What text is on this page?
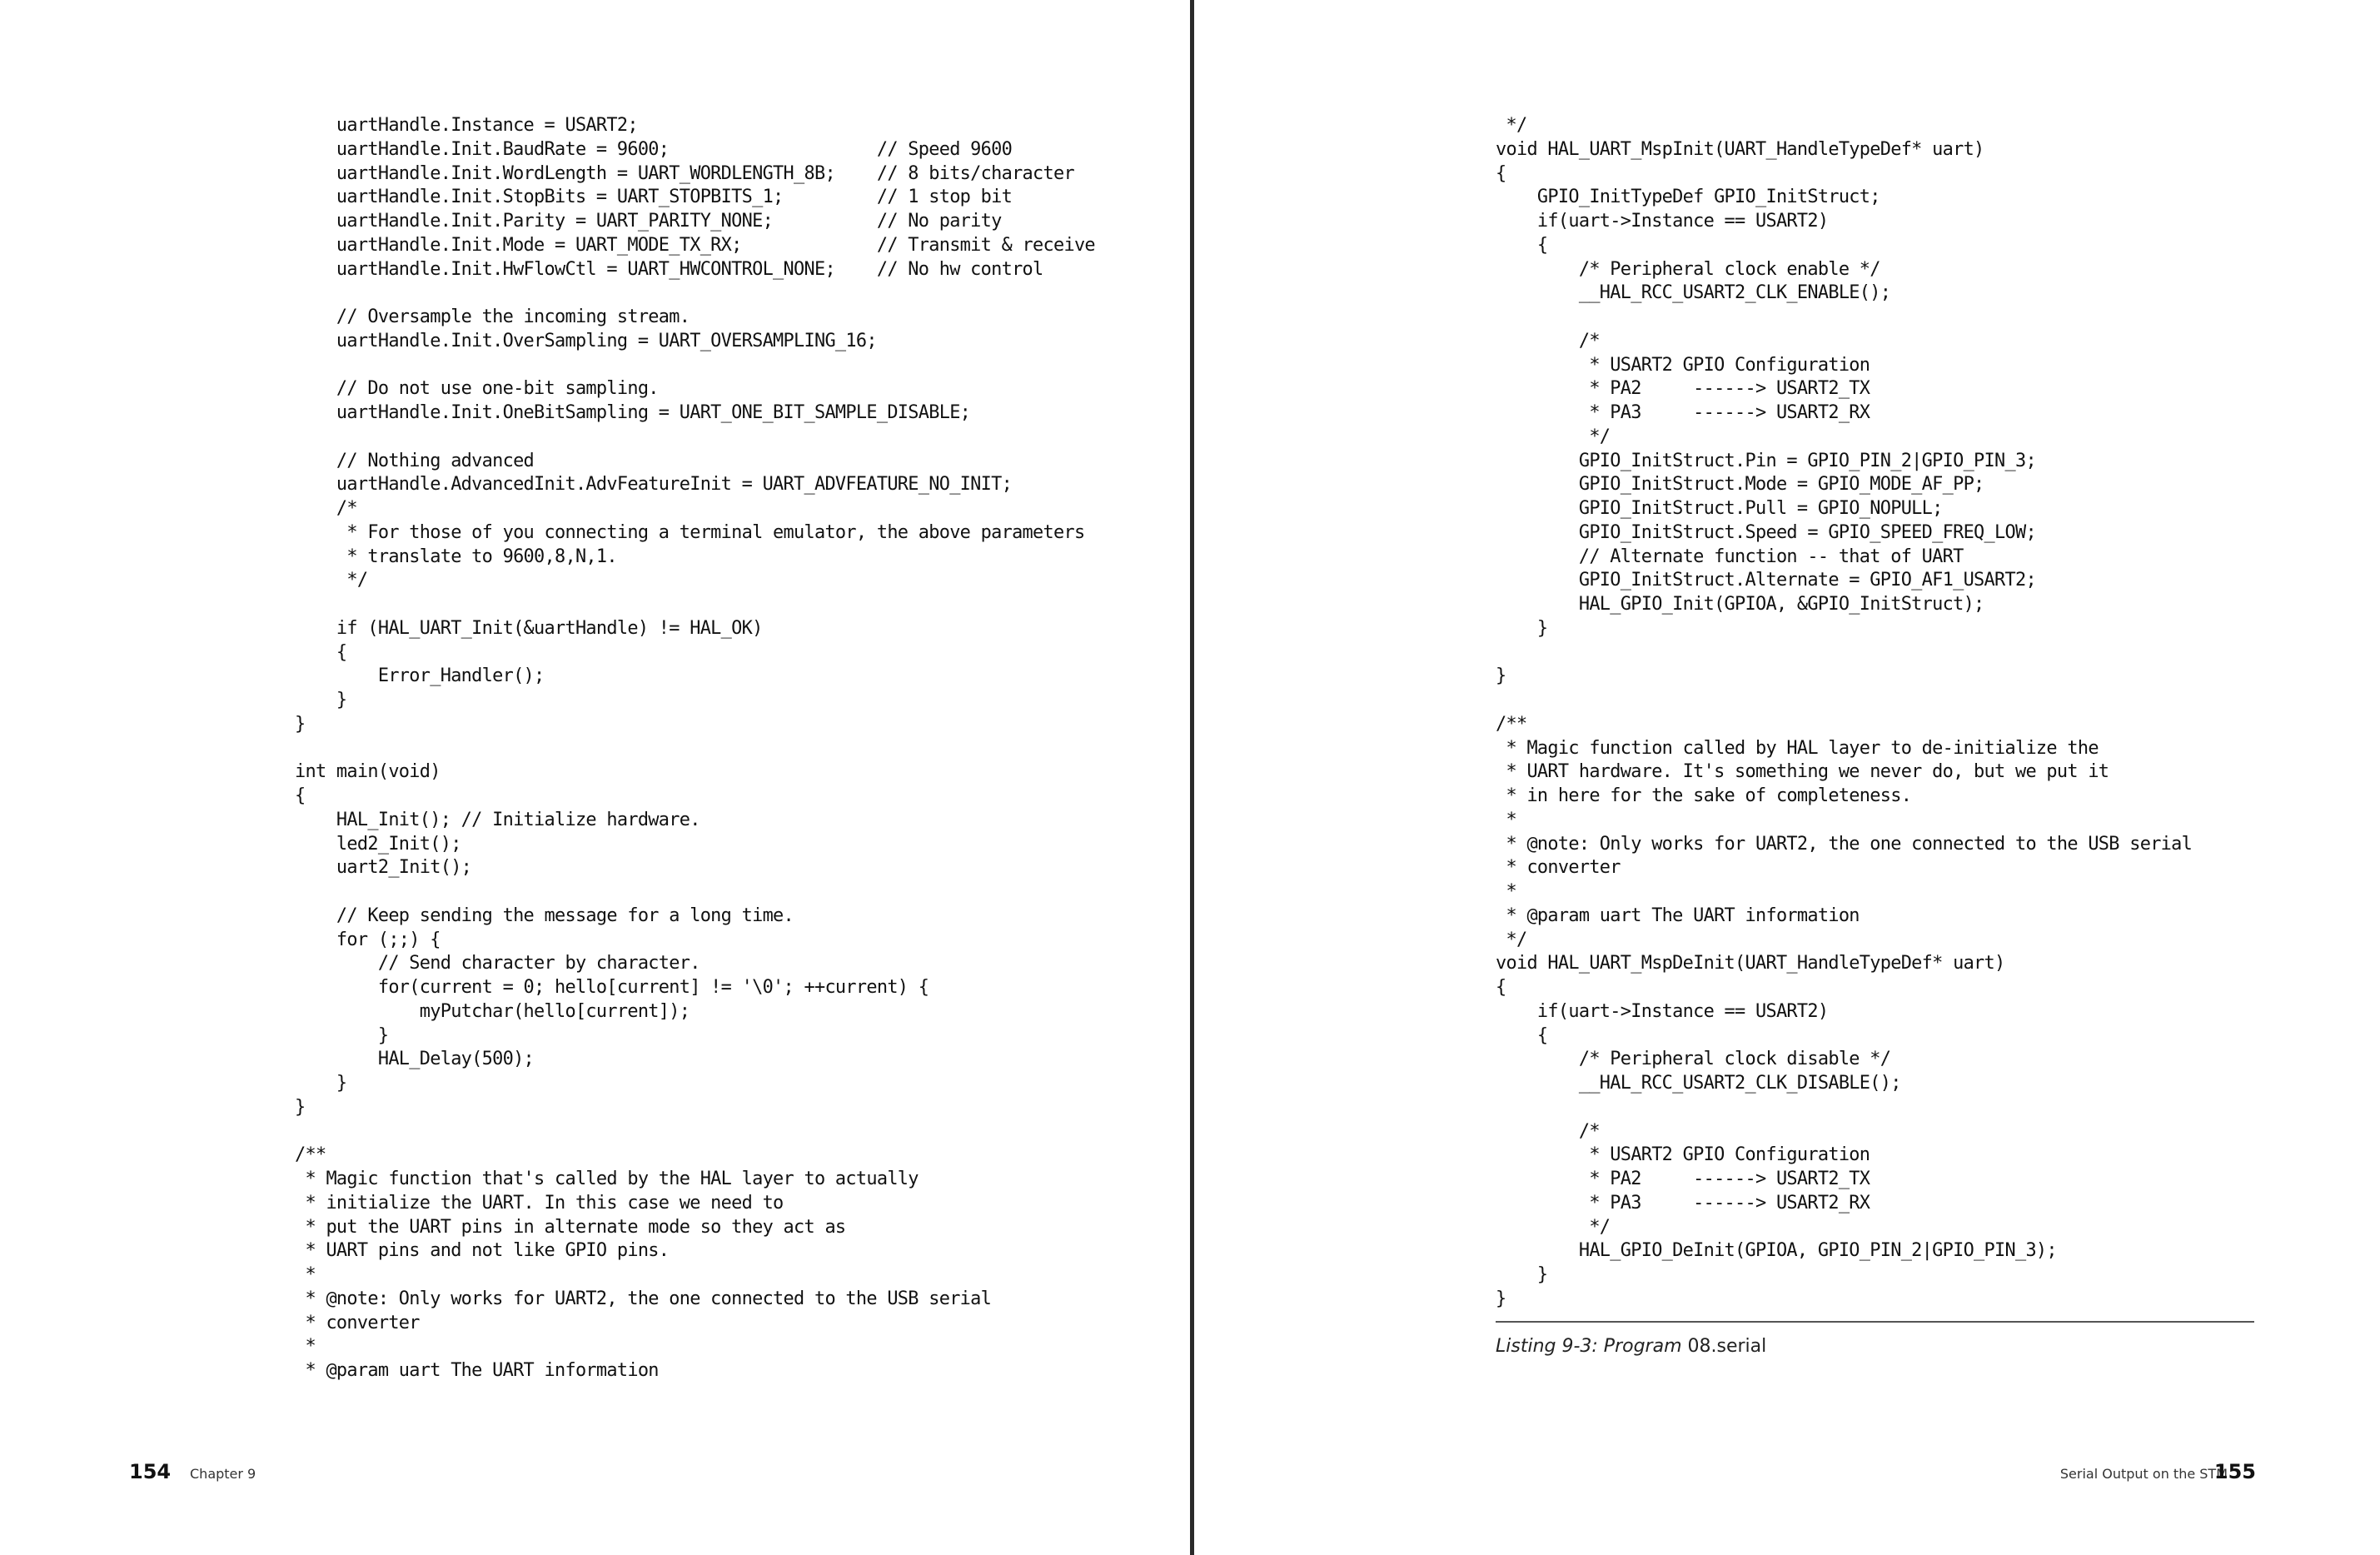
uartHandle.Instance = USART2;
uartHandle.Init.BaudRate = 9600;                    // Speed 9600
uartHandle.Init.WordLength = UART_WORDLENGTH_8B;    // 8 bits/character
uartHandle.Init.StopBits = UART_STOPBITS_1;         // 1 stop bit
uartHandle.Init.Parity = UART_PARITY_NONE;          // No parity
uartHandle.Init.Mode = UART_MODE_TX_RX;             // Transmit & receive
uartHandle.Init.HwFlowCtl = UART_HWCONTROL_NONE;    // No hw control

// Oversample the incoming stream.
uartHandle.Init.OverSampling = UART_OVERSAMPLING_16;

// Do not use one-bit sampling.
uartHandle.Init.OneBitSampling = UART_ONE_BIT_SAMPLE_DISABLE;

// Nothing advanced
uartHandle.AdvancedInit.AdvFeatureInit = UART_ADVFEATURE_NO_INIT;
/*
* For those of you connecting a terminal emulator, the above parameters
* translate to 9600,8,N,1.
*/

if (HAL_UART_Init(&uartHandle) != HAL_OK)
{
Error_Handler();
}
}

int main(void)
{
HAL_Init(); // Initialize hardware.
led2_Init();
uart2_Init();

// Keep sending the message for a long time.
for (;;) {
// Send character by character.
for(current = 0; hello[current] != '\0'; ++current) {
myPutchar(hello[current]);
}
HAL_Delay(500);
}
}

/**
* Magic function that's called by the HAL layer to actually
* initialize the UART. In this case we need to
* put the UART pins in alternate mode so they act as
* UART pins and not like GPIO pins.
*
* @note: Only works for UART2, the one connected to the USB serial
* converter
*
* @param uart The UART information
154 Chapter 9
*/
void HAL_UART_MspInit(UART_HandleTypeDef* uart)
{
GPIO_InitTypeDef GPIO_InitStruct;
if(uart->Instance == USART2)
{
/* Peripheral clock enable */
__HAL_RCC_USART2_CLK_ENABLE();

/*
* USART2 GPIO Configuration
* PA2     ------> USART2_TX
* PA3     ------> USART2_RX
*/
GPIO_InitStruct.Pin = GPIO_PIN_2|GPIO_PIN_3;
GPIO_InitStruct.Mode = GPIO_MODE_AF_PP;
GPIO_InitStruct.Pull = GPIO_NOPULL;
GPIO_InitStruct.Speed = GPIO_SPEED_FREQ_LOW;
// Alternate function -- that of UART
GPIO_InitStruct.Alternate = GPIO_AF1_USART2;
HAL_GPIO_Init(GPIOA, &GPIO_InitStruct);
}

}

/**
* Magic function called by HAL layer to de-initialize the
* UART hardware. It's something we never do, but we put it
* in here for the sake of completeness.
*
* @note: Only works for UART2, the one connected to the USB serial
* converter
*
* @param uart The UART information
*/
void HAL_UART_MspDeInit(UART_HandleTypeDef* uart)
{
if(uart->Instance == USART2)
{
/* Peripheral clock disable */
__HAL_RCC_USART2_CLK_DISABLE();

/*
* USART2 GPIO Configuration
* PA2     ------> USART2_TX
* PA3     ------> USART2_RX
*/
HAL_GPIO_DeInit(GPIOA, GPIO_PIN_2|GPIO_PIN_3);
}
}
Listing 9-3: Program 08.serial
Serial Output on the STM
155
